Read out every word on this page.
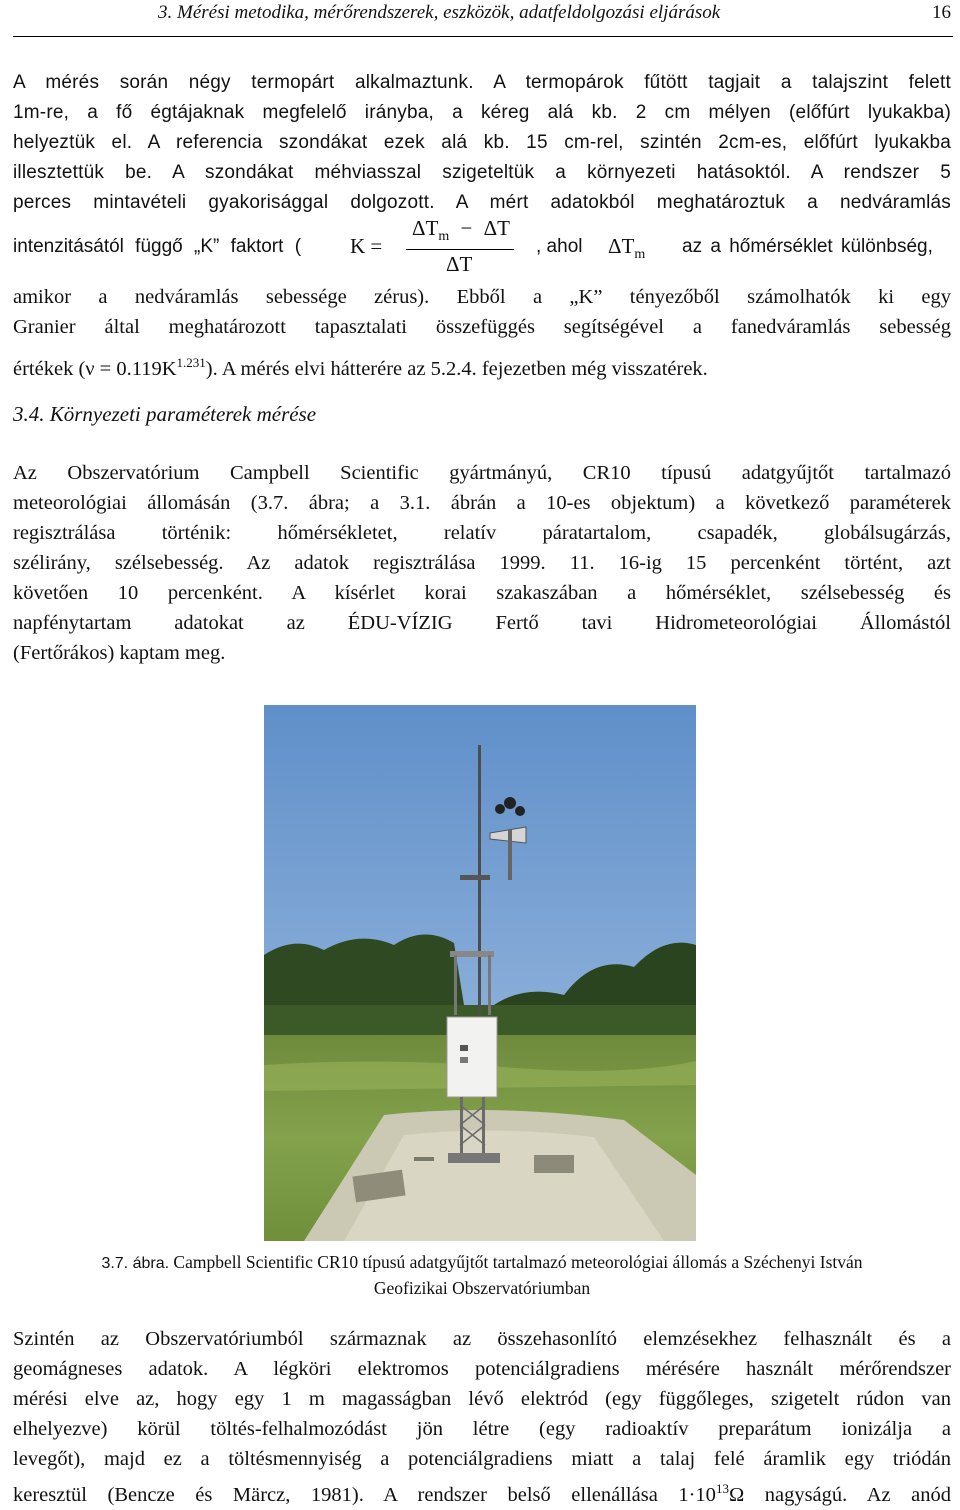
3. Mérési metodika, mérőrendszerek, eszközök, adatfeldolgozási eljárások	16
A mérés során négy termopárt alkalmaztunk. A termopárok fűtött tagjait a talajszint felett
1m-re, a fő égtájaknak megfelelő irányba, a kéreg alá kb. 2 cm mélyen (előfúrt lyukakba)
helyeztük el. A referencia szondákat ezek alá kb. 15 cm-rel, szintén 2cm-es, előfúrt lyukakba
illesztettük be. A szondákat méhviasszal szigeteltük a környezeti hatásoktól. A rendszer 5
perces mintavételi gyakorisággal dolgozott. A mért adatokból meghatároztuk a nedváramlás
intenzitásától függő „K” faktort ( K =
$\Delta T_m - \Delta T$
ΔT
, ahol $\Delta T_m$ az a hőmérséklet különbség,
amikor a nedváramlás sebessége zérus). Ebből a „K” tényezőből számolhatók ki egy
Granier által meghatározott tapasztalati összefüggés segítségével a fanedváramlás sebesség
értékek $(\nu = 0.119K^{1.231})$. A mérés elvi hátterére az 5.2.4. fejezetben még visszatérek.
3.4. Környezeti paraméterek mérése
Az Obszervatórium Campbell Scientific gyártmányú, CR10 típusú adatgyűjtőt tartalmazó
meteorológiai állomásán (3.7. ábra; a 3.1. ábrán a 10-es objektum) a következő paraméterek
regisztrálása történik: hőmérsékletet, relatív páratartalom, csapadék, globálsugárzás,
szélirány, szélsebesség. Az adatok regisztrálása 1999. 11. 16-ig 15 percenként történt, azt
követően 10 percenként. A kísérlet korai szakaszában a hőmérséklet, szélsebesség és
napfénytartam adatokat az ÉDU-VÍZIG Fertő tavi Hidrometeorológiai Állomástól
(Fertőrákos) kaptam meg.
3.7. ábra. Campbell Scientific CR10 típusú adatgyűjtőt tartalmazó meteorológiai állomás a Széchenyi István
Geofizikai Obszervatóriumban
Szintén az Obszervatóriumból származnak az összehasonlító elemzésekhez felhasznált és a
geomágneses adatok. A légköri elektromos potenciálgradiens mérésére használt mérőrendszer
mérési elve az, hogy egy 1 m magasságban lévő elektród (egy függőleges, szigetelt rúdon van
elhelyezve) körül töltés-felhalmozódást jön létre (egy radioaktív preparátum ionizálja a
levegőt), majd ez a töltésmennyiség a potenciálgradiens miatt a talaj felé áramlik egy triódán
keresztül (Bencze és Märcz, 1981). A rendszer belső ellenállása $1\cdot 10^{13}\Omega$ nagyságú. Az anód
